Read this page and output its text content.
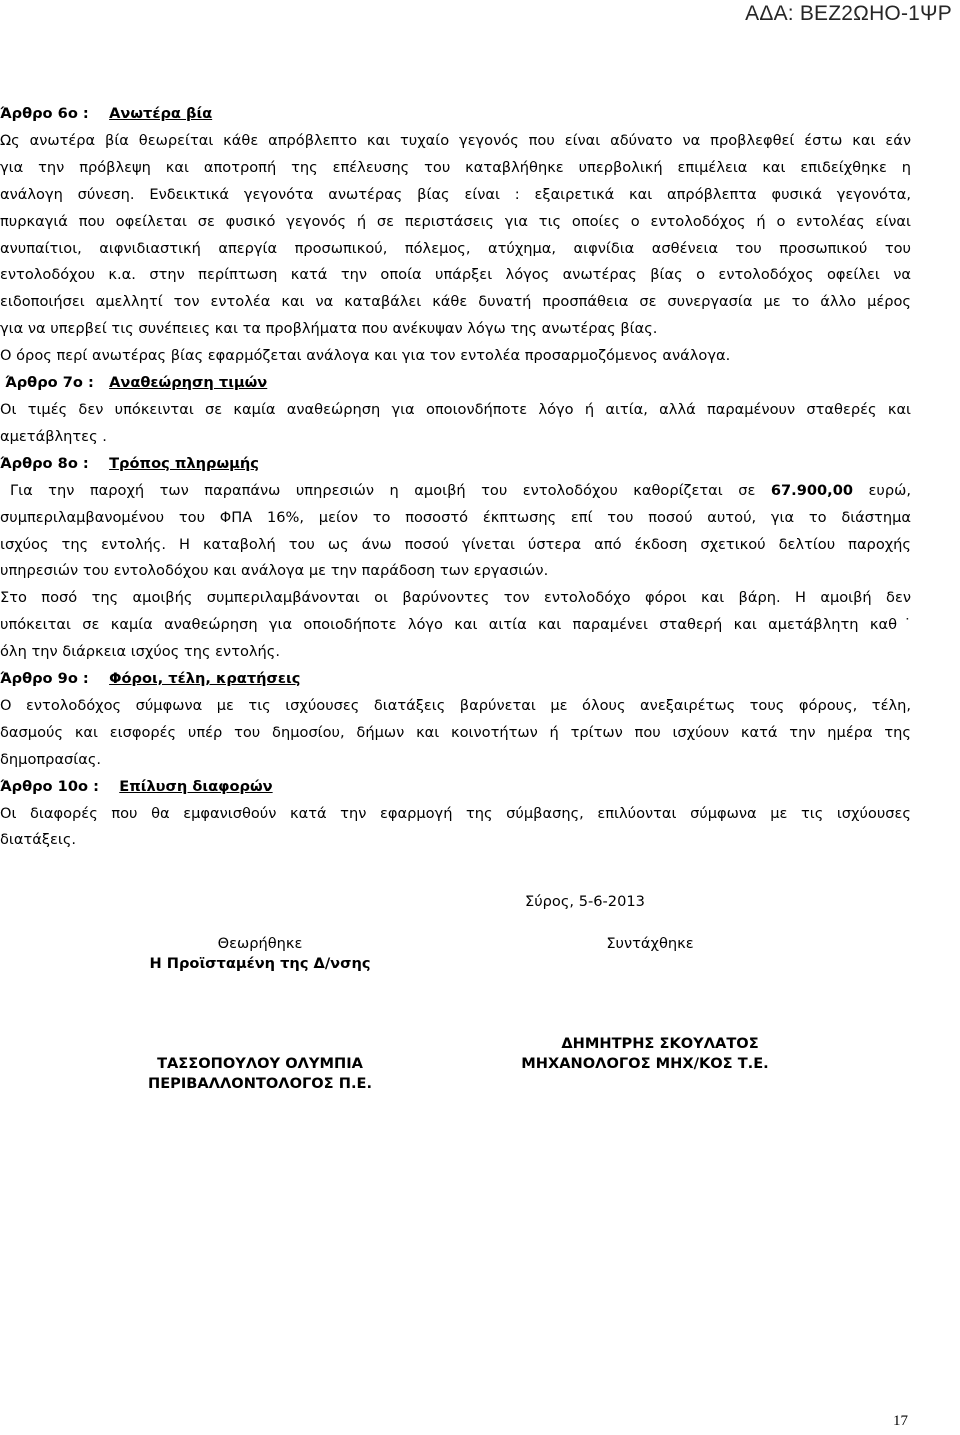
ΑΔΑ: ΒΕΖ2ΩΗΟ-1ΨΡ
Άρθρο 6ο : Ανωτέρα βία
Ως ανωτέρα βία θεωρείται κάθε απρόβλεπτο και τυχαίο γεγονός που είναι αδύνατο να προβλεφθεί έστω και εάν
για την πρόβλεψη και αποτροπή της επέλευσης του καταβλήθηκε υπερβολική επιμέλεια και επιδείχθηκε η
ανάλογη σύνεση. Ενδεικτικά γεγονότα ανωτέρας βίας είναι : εξαιρετικά και απρόβλεπτα φυσικά γεγονότα,
πυρκαγιά που οφείλεται σε φυσικό γεγονός ή σε περιστάσεις για τις οποίες ο εντολοδόχος ή ο εντολέας είναι
ανυπαίτιοι, αιφνιδιαστική απεργία προσωπικού, πόλεμος, ατύχημα, αιφνίδια ασθένεια του προσωπικού του
εντολοδόχου κ.α. στην περίπτωση κατά την οποία υπάρξει λόγος ανωτέρας βίας ο εντολοδόχος οφείλει να
ειδοποιήσει αμελλητί τον εντολέα και να καταβάλει κάθε δυνατή προσπάθεια σε συνεργασία με το άλλο μέρος
για να υπερβεί τις συνέπειες και τα προβλήματα που ανέκυψαν λόγω της ανωτέρας βίας.
Ο όρος περί ανωτέρας βίας εφαρμόζεται ανάλογα και για τον εντολέα προσαρμοζόμενος ανάλογα.
Άρθρο 7ο : Αναθεώρηση τιμών
Οι τιμές δεν υπόκεινται σε καμία αναθεώρηση για οποιονδήποτε λόγο ή αιτία, αλλά παραμένουν σταθερές και
αμετάβλητες .
Άρθρο 8ο : Τρόπος πληρωμής
Για την παροχή των παραπάνω υπηρεσιών η αμοιβή του εντολοδόχου καθορίζεται σε 67.900,00 ευρώ,
συμπεριλαμβανομένου του ΦΠΑ 16%, μείον το ποσοστό έκπτωσης επί του ποσού αυτού, για το διάστημα
ισχύος της εντολής. Η καταβολή του ως άνω ποσού γίνεται ύστερα από έκδοση σχετικού δελτίου παροχής
υπηρεσιών του εντολοδόχου και ανάλογα με την παράδοση των εργασιών.
Στο ποσό της αμοιβής συμπεριλαμβάνονται οι βαρύνοντες τον εντολοδόχο φόροι και βάρη. Η αμοιβή δεν
υπόκειται σε καμία αναθεώρηση για οποιοδήποτε λόγο και αιτία και παραμένει σταθερή και αμετάβλητη καθ˙
όλη την διάρκεια ισχύος της εντολής.
Άρθρο 9ο : Φόροι, τέλη, κρατήσεις
Ο εντολοδόχος σύμφωνα με τις ισχύουσες διατάξεις βαρύνεται με όλους ανεξαιρέτως τους φόρους, τέλη,
δασμούς και εισφορές υπέρ του δημοσίου, δήμων και κοινοτήτων ή τρίτων που ισχύουν κατά την ημέρα της
δημοπρασίας.
Άρθρο 10ο : Επίλυση διαφορών
Οι διαφορές που θα εμφανισθούν κατά την εφαρμογή της σύμβασης, επιλύονται σύμφωνα με τις ισχύουσες
διατάξεις.
Σύρος, 5-6-2013
Θεωρήθηκε
Η Προϊσταμένη της Δ/νσης
Συντάχθηκε
ΔΗΜΗΤΡΗΣ ΣΚΟΥΛΑΤΟΣ
ΜΗΧΑΝΟΛΟΓΟΣ ΜΗΧ/ΚΟΣ Τ.Ε.
ΤΑΣΣΟΠΟΥΛΟΥ ΟΛΥΜΠΙΑ
ΠΕΡΙΒΑΛΛΟΝΤΟΛΟΓΟΣ Π.Ε.
17
